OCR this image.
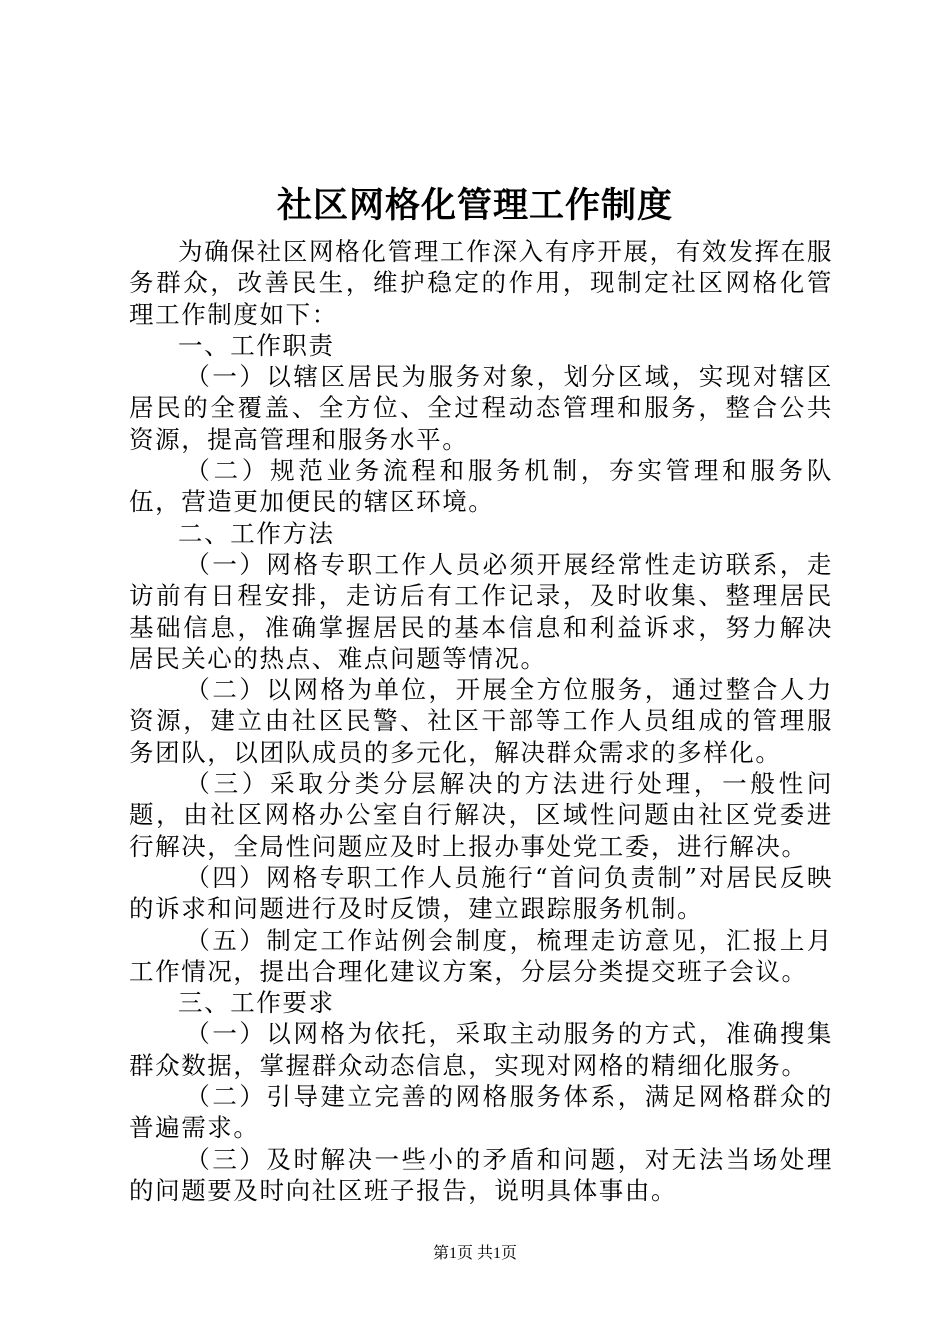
社区网格化管理工作制度

为确保社区网格化管理工作深入有序开展，有效发挥在服务群众，改善民生，维护稳定的作用，现制定社区网格化管理工作制度如下：

一、工作职责

（一）以辖区居民为服务对象，划分区域，实现对辖区居民的全覆盖、全方位、全过程动态管理和服务，整合公共资源，提高管理和服务水平。

（二）规范业务流程和服务机制，夯实管理和服务队伍，营造更加便民的辖区环境。

二、工作方法

（一）网格专职工作人员必须开展经常性走访联系，走访前有日程安排，走访后有工作记录，及时收集、整理居民基础信息，准确掌握居民的基本信息和利益诉求，努力解决居民关心的热点、难点问题等情况。

（二）以网格为单位，开展全方位服务，通过整合人力资源，建立由社区民警、社区干部等工作人员组成的管理服务团队，以团队成员的多元化，解决群众需求的多样化。

（三）采取分类分层解决的方法进行处理，一般性问题，由社区网格办公室自行解决，区域性问题由社区党委进行解决，全局性问题应及时上报办事处党工委，进行解决。

（四）网格专职工作人员施行“首问负责制”对居民反映的诉求和问题进行及时反馈，建立跟踪服务机制。

（五）制定工作站例会制度，梳理走访意见，汇报上月工作情况，提出合理化建议方案，分层分类提交班子会议。

三、工作要求

（一）以网格为依托，采取主动服务的方式，准确搜集群众数据，掌握群众动态信息，实现对网格的精细化服务。

（二）引导建立完善的网格服务体系，满足网格群众的普遍需求。

（三）及时解决一些小的矛盾和问题，对无法当场处理的问题要及时向社区班子报告，说明具体事由。

第1页 共1页
